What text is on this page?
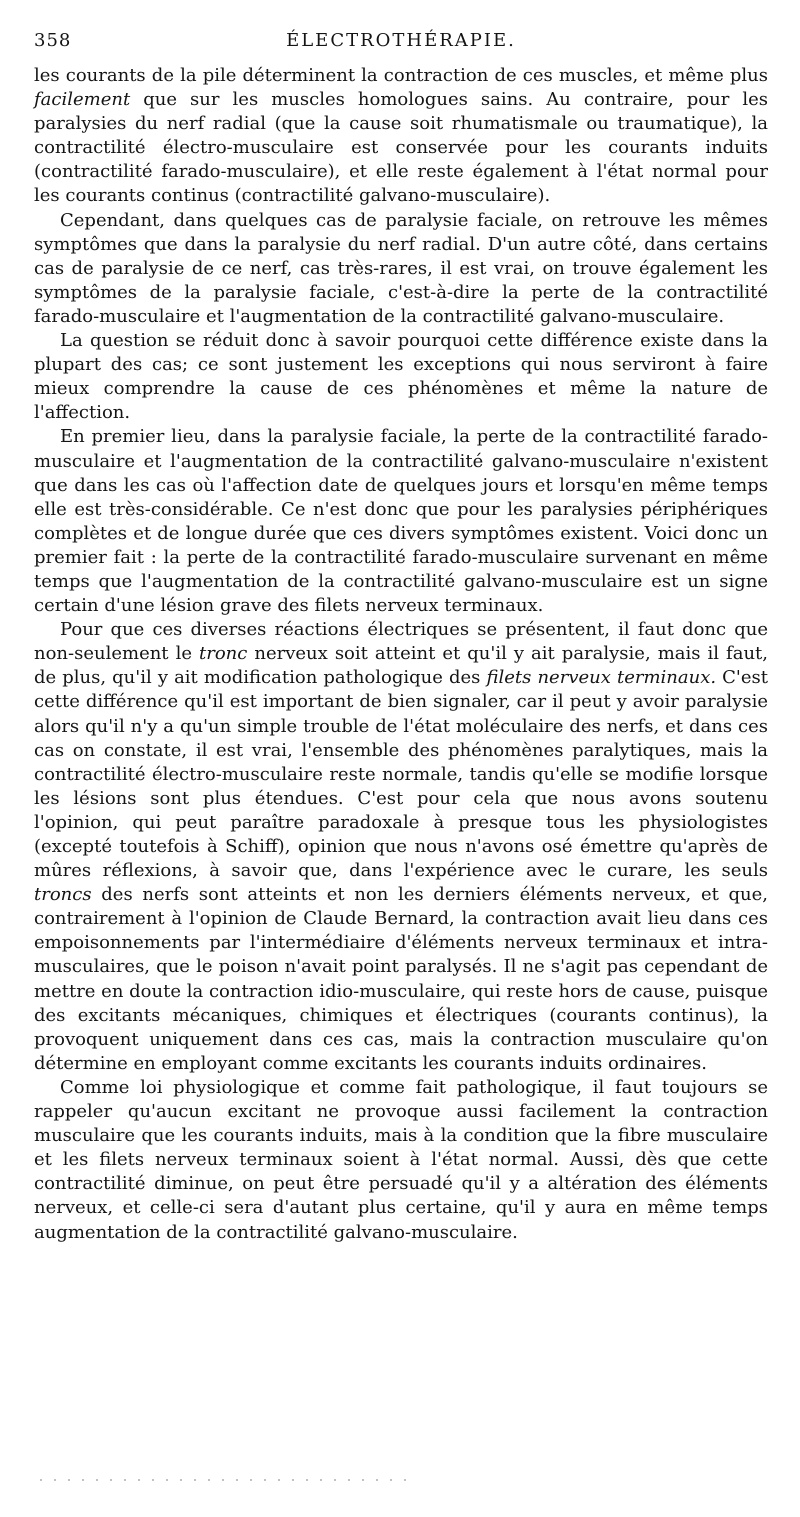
358	ÉLECTROTHÉRAPIE.

les courants de la pile déterminent la contraction de ces muscles, et même plus facilement que sur les muscles homologues sains. Au contraire, pour les paralysies du nerf radial (que la cause soit rhumatismale ou traumatique), la contractilité électro-musculaire est conservée pour les courants induits (contractilité farado-musculaire), et elle reste également à l'état normal pour les courants continus (contractilité galvano-musculaire).

Cependant, dans quelques cas de paralysie faciale, on retrouve les mêmes symptômes que dans la paralysie du nerf radial. D'un autre côté, dans certains cas de paralysie de ce nerf, cas très-rares, il est vrai, on trouve également les symptômes de la paralysie faciale, c'est-à-dire la perte de la contractilité farado-musculaire et l'augmentation de la contractilité galvano-musculaire.

La question se réduit donc à savoir pourquoi cette différence existe dans la plupart des cas; ce sont justement les exceptions qui nous serviront à faire mieux comprendre la cause de ces phénomènes et même la nature de l'affection.

En premier lieu, dans la paralysie faciale, la perte de la contractilité farado-musculaire et l'augmentation de la contractilité galvano-musculaire n'existent que dans les cas où l'affection date de quelques jours et lorsqu'en même temps elle est très-considérable. Ce n'est donc que pour les paralysies périphériques complètes et de longue durée que ces divers symptômes existent. Voici donc un premier fait : la perte de la contractilité farado-musculaire survenant en même temps que l'augmentation de la contractilité galvano-musculaire est un signe certain d'une lésion grave des filets nerveux terminaux.

Pour que ces diverses réactions électriques se présentent, il faut donc que non-seulement le tronc nerveux soit atteint et qu'il y ait paralysie, mais il faut, de plus, qu'il y ait modification pathologique des filets nerveux terminaux. C'est cette différence qu'il est important de bien signaler, car il peut y avoir paralysie alors qu'il n'y a qu'un simple trouble de l'état moléculaire des nerfs, et dans ces cas on constate, il est vrai, l'ensemble des phénomènes paralytiques, mais la contractilité électro-musculaire reste normale, tandis qu'elle se modifie lorsque les lésions sont plus étendues. C'est pour cela que nous avons soutenu l'opinion, qui peut paraître paradoxale à presque tous les physiologistes (excepté toutefois à Schiff), opinion que nous n'avons osé émettre qu'après de mûres réflexions, à savoir que, dans l'expérience avec le curare, les seuls troncs des nerfs sont atteints et non les derniers éléments nerveux, et que, contrairement à l'opinion de Claude Bernard, la contraction avait lieu dans ces empoisonnements par l'intermédiaire d'éléments nerveux terminaux et intra-musculaires, que le poison n'avait point paralysés. Il ne s'agit pas cependant de mettre en doute la contraction idio-musculaire, qui reste hors de cause, puisque des excitants mécaniques, chimiques et électriques (courants continus), la provoquent uniquement dans ces cas, mais la contraction musculaire qu'on détermine en employant comme excitants les courants induits ordinaires.

Comme loi physiologique et comme fait pathologique, il faut toujours se rappeler qu'aucun excitant ne provoque aussi facilement la contraction musculaire que les courants induits, mais à la condition que la fibre musculaire et les filets nerveux terminaux soient à l'état normal. Aussi, dès que cette contractilité diminue, on peut être persuadé qu'il y a altération des éléments nerveux, et celle-ci sera d'autant plus certaine, qu'il y aura en même temps augmentation de la contractilité galvano-musculaire.
